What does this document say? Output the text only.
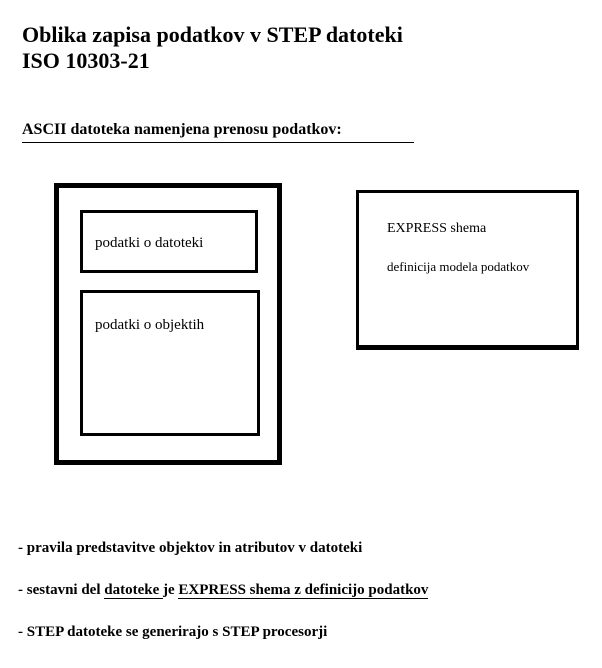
Oblika zapisa podatkov v STEP datoteki
ISO 10303-21
ASCII datoteka namenjena prenosu podatkov:
podatki o datoteki
podatki o objektih
EXPRESS shema
definicija modela podatkov
- pravila predstavitve objektov in atributov v datoteki
- sestavni del datoteke je EXPRESS shema z definicijo podatkov
- STEP datoteke se generirajo s STEP procesorji
